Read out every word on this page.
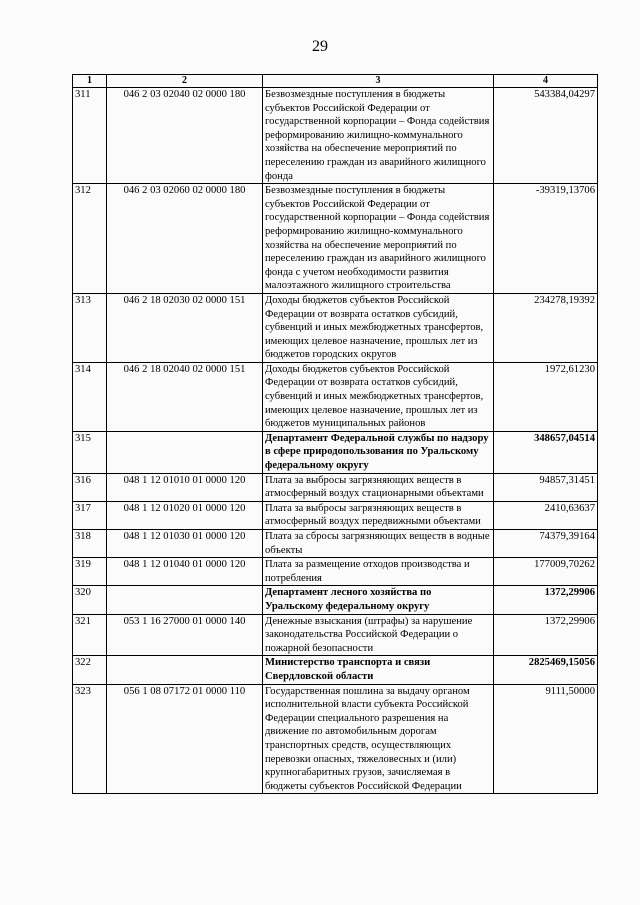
29
1	2	3	4
311	046 2 03 02040 02 0000 180	Безвозмездные поступления в бюджеты субъектов Российской Федерации от государственной корпорации – Фонда содействия реформированию жилищно-коммунального хозяйства на обеспечение мероприятий по переселению граждан из аварийного жилищного фонда	543384,04297
312	046 2 03 02060 02 0000 180	Безвозмездные поступления в бюджеты субъектов Российской Федерации от государственной корпорации – Фонда содействия реформированию жилищно-коммунального хозяйства на обеспечение мероприятий по переселению граждан из аварийного жилищного фонда с учетом необходимости развития малоэтажного жилищного строительства	-39319,13706
313	046 2 18 02030 02 0000 151	Доходы бюджетов субъектов Российской Федерации от возврата остатков субсидий, субвенций и иных межбюджетных трансфертов, имеющих целевое назначение, прошлых лет из бюджетов городских округов	234278,19392
314	046 2 18 02040 02 0000 151	Доходы бюджетов субъектов Российской Федерации от возврата остатков субсидий, субвенций и иных межбюджетных трансфертов, имеющих целевое назначение, прошлых лет из бюджетов муниципальных районов	1972,61230
315		Департамент Федеральной службы по надзору в сфере природопользования по Уральскому федеральному округу	348657,04514
316	048 1 12 01010 01 0000 120	Плата за выбросы загрязняющих веществ в атмосферный воздух стационарными объектами	94857,31451
317	048 1 12 01020 01 0000 120	Плата за выбросы загрязняющих веществ в атмосферный воздух передвижными объектами	2410,63637
318	048 1 12 01030 01 0000 120	Плата за сбросы загрязняющих веществ в водные объекты	74379,39164
319	048 1 12 01040 01 0000 120	Плата за размещение отходов производства и потребления	177009,70262
320		Департамент лесного хозяйства по Уральскому федеральному округу	1372,29906
321	053 1 16 27000 01 0000 140	Денежные взыскания (штрафы) за нарушение законодательства Российской Федерации о пожарной безопасности	1372,29906
322		Министерство транспорта и связи Свердловской области	2825469,15056
323	056 1 08 07172 01 0000 110	Государственная пошлина за выдачу органом исполнительной власти субъекта Российской Федерации специального разрешения на движение по автомобильным дорогам транспортных средств, осуществляющих перевозки опасных, тяжеловесных и (или) крупногабаритных грузов, зачисляемая в бюджеты субъектов Российской Федерации	9111,50000
